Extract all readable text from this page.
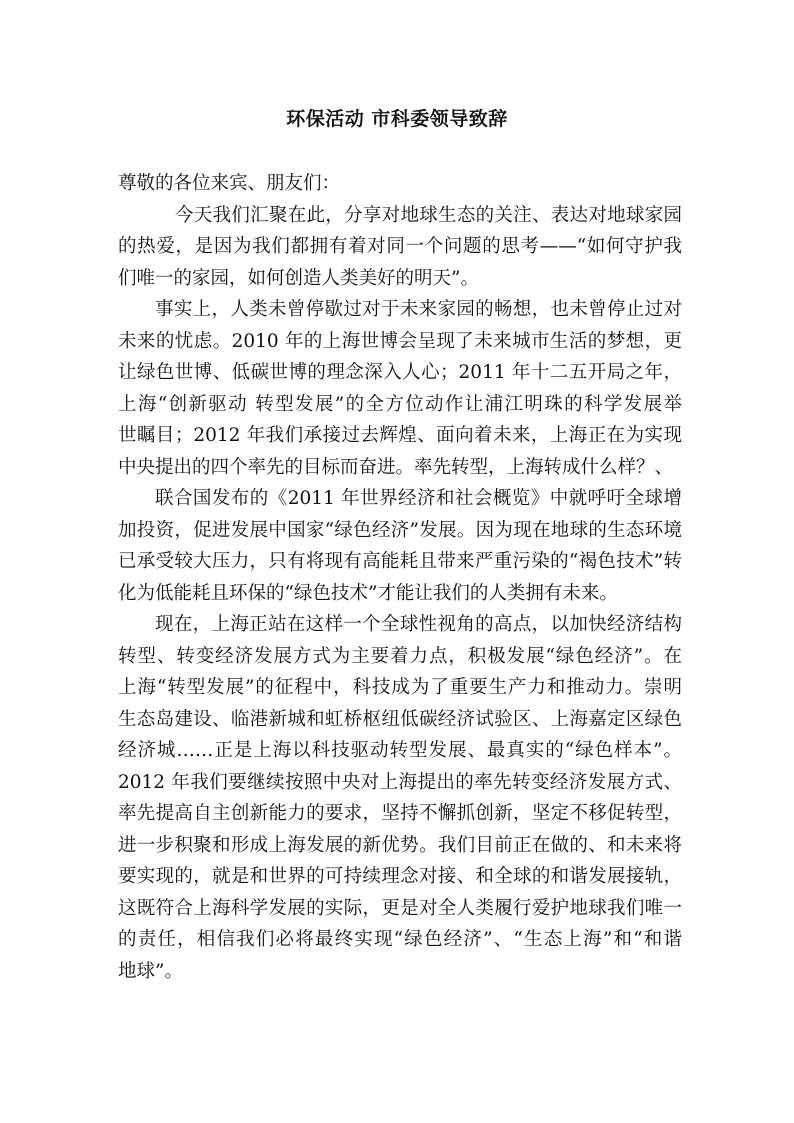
环保活动 市科委领导致辞
尊敬的各位来宾、朋友们：
今天我们汇聚在此，分享对地球生态的关注、表达对地球家园
的热爱，是因为我们都拥有着对同一个问题的思考——“如何守护我
们唯一的家园，如何创造人类美好的明天”。
事实上，人类未曾停歇过对于未来家园的畅想，也未曾停止过对
未来的忧虑。2010 年的上海世博会呈现了未来城市生活的梦想，更
让绿色世博、低碳世博的理念深入人心；2011 年十二五开局之年，
上海“创新驱动 转型发展”的全方位动作让浦江明珠的科学发展举
世瞩目；2012 年我们承接过去辉煌、面向着未来，上海正在为实现
中央提出的四个率先的目标而奋进。率先转型，上海转成什么样？、
联合国发布的《2011 年世界经济和社会概览》中就呼吁全球增
加投资，促进发展中国家“绿色经济”发展。因为现在地球的生态环境
已承受较大压力，只有将现有高能耗且带来严重污染的“褐色技术”转
化为低能耗且环保的“绿色技术”才能让我们的人类拥有未来。
现在，上海正站在这样一个全球性视角的高点，以加快经济结构
转型、转变经济发展方式为主要着力点，积极发展“绿色经济”。在
上海“转型发展”的征程中，科技成为了重要生产力和推动力。崇明
生态岛建设、临港新城和虹桥枢纽低碳经济试验区、上海嘉定区绿色
经济城……正是上海以科技驱动转型发展、最真实的“绿色样本”。
2012 年我们要继续按照中央对上海提出的率先转变经济发展方式、
率先提高自主创新能力的要求，坚持不懈抓创新，坚定不移促转型，
进一步积聚和形成上海发展的新优势。我们目前正在做的、和未来将
要实现的，就是和世界的可持续理念对接、和全球的和谐发展接轨，
这既符合上海科学发展的实际，更是对全人类履行爱护地球我们唯一
的责任，相信我们必将最终实现“绿色经济”、“生态上海”和“和谐
地球”。
